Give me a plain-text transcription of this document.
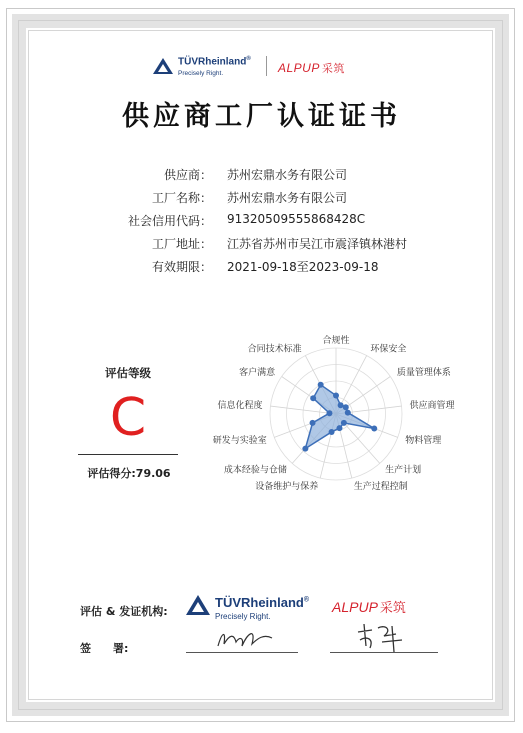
TÜVRheinland®
Precisely Right.	ALPUP 采筑
供应商工厂认证证书
供应商： 苏州宏鼎水务有限公司
工厂名称： 苏州宏鼎水务有限公司
社会信用代码： 91320509555868428C
工厂地址： 江苏省苏州市吴江市震泽镇林港村
有效期限： 2021-09-18至2023-09-18
评估等级
C
评估得分:79.06
合规性
环保安全
质量管理体系
供应商管理
物料管理
生产计划
生产过程控制
设备维护与保养
成本经验与仓储
研发与实验室
信息化程度
客户满意
合同技术标准
评估 & 发证机构:
TÜVRheinland®
Precisely Right.
ALPUP 采筑
签　　署:
